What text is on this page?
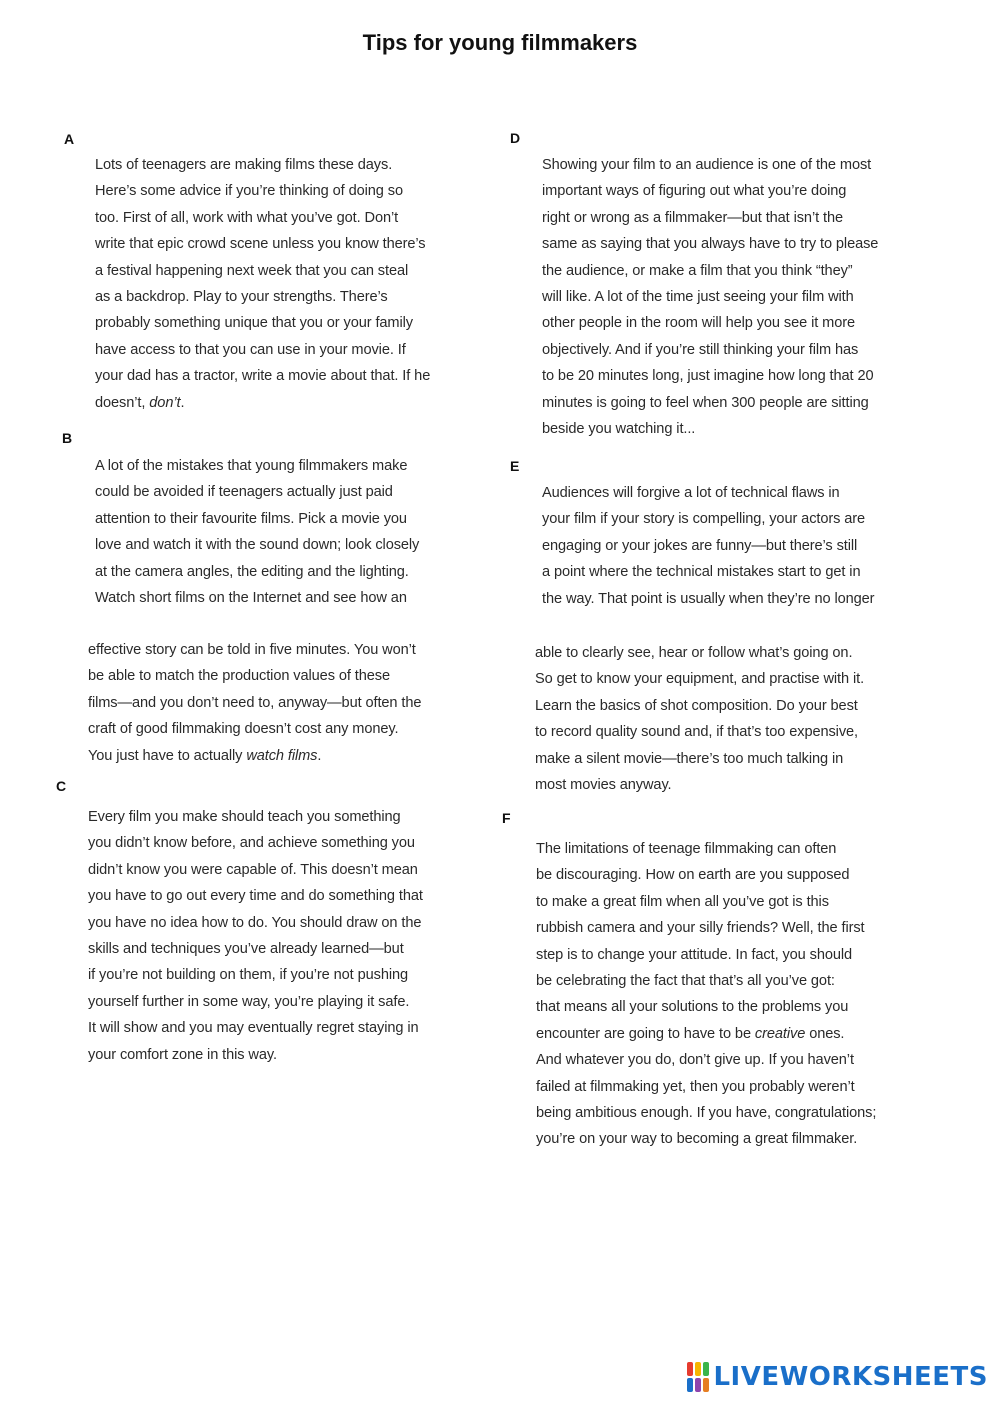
Tips for young filmmakers
A
Lots of teenagers are making films these days.
Here’s some advice if you’re thinking of doing so
too. First of all, work with what you’ve got. Don’t
write that epic crowd scene unless you know there’s
a festival happening next week that you can steal
as a backdrop. Play to your strengths. There’s
probably something unique that you or your family
have access to that you can use in your movie. If
your dad has a tractor, write a movie about that. If he
doesn’t, don’t.
B
A lot of the mistakes that young filmmakers make
could be avoided if teenagers actually just paid
attention to their favourite films. Pick a movie you
love and watch it with the sound down; look closely
at the camera angles, the editing and the lighting.
Watch short films on the Internet and see how an
effective story can be told in five minutes. You won’t
be able to match the production values of these
films—and you don’t need to, anyway—but often the
craft of good filmmaking doesn’t cost any money.
You just have to actually watch films.
C
Every film you make should teach you something
you didn’t know before, and achieve something you
didn’t know you were capable of. This doesn’t mean
you have to go out every time and do something that
you have no idea how to do. You should draw on the
skills and techniques you’ve already learned—but
if you’re not building on them, if you’re not pushing
yourself further in some way, you’re playing it safe.
It will show and you may eventually regret staying in
your comfort zone in this way.
D
Showing your film to an audience is one of the most
important ways of figuring out what you’re doing
right or wrong as a filmmaker—but that isn’t the
same as saying that you always have to try to please
the audience, or make a film that you think “they”
will like. A lot of the time just seeing your film with
other people in the room will help you see it more
objectively. And if you’re still thinking your film has
to be 20 minutes long, just imagine how long that 20
minutes is going to feel when 300 people are sitting
beside you watching it...
E
Audiences will forgive a lot of technical flaws in
your film if your story is compelling, your actors are
engaging or your jokes are funny—but there’s still
a point where the technical mistakes start to get in
the way. That point is usually when they’re no longer
able to clearly see, hear or follow what’s going on.
So get to know your equipment, and practise with it.
Learn the basics of shot composition. Do your best
to record quality sound and, if that’s too expensive,
make a silent movie—there’s too much talking in
most movies anyway.
F
The limitations of teenage filmmaking can often
be discouraging. How on earth are you supposed
to make a great film when all you’ve got is this
rubbish camera and your silly friends? Well, the first
step is to change your attitude. In fact, you should
be celebrating the fact that that’s all you’ve got:
that means all your solutions to the problems you
encounter are going to have to be creative ones.
And whatever you do, don’t give up. If you haven’t
failed at filmmaking yet, then you probably weren’t
being ambitious enough. If you have, congratulations;
you’re on your way to becoming a great filmmaker.
LIVEWORKSHEETS
